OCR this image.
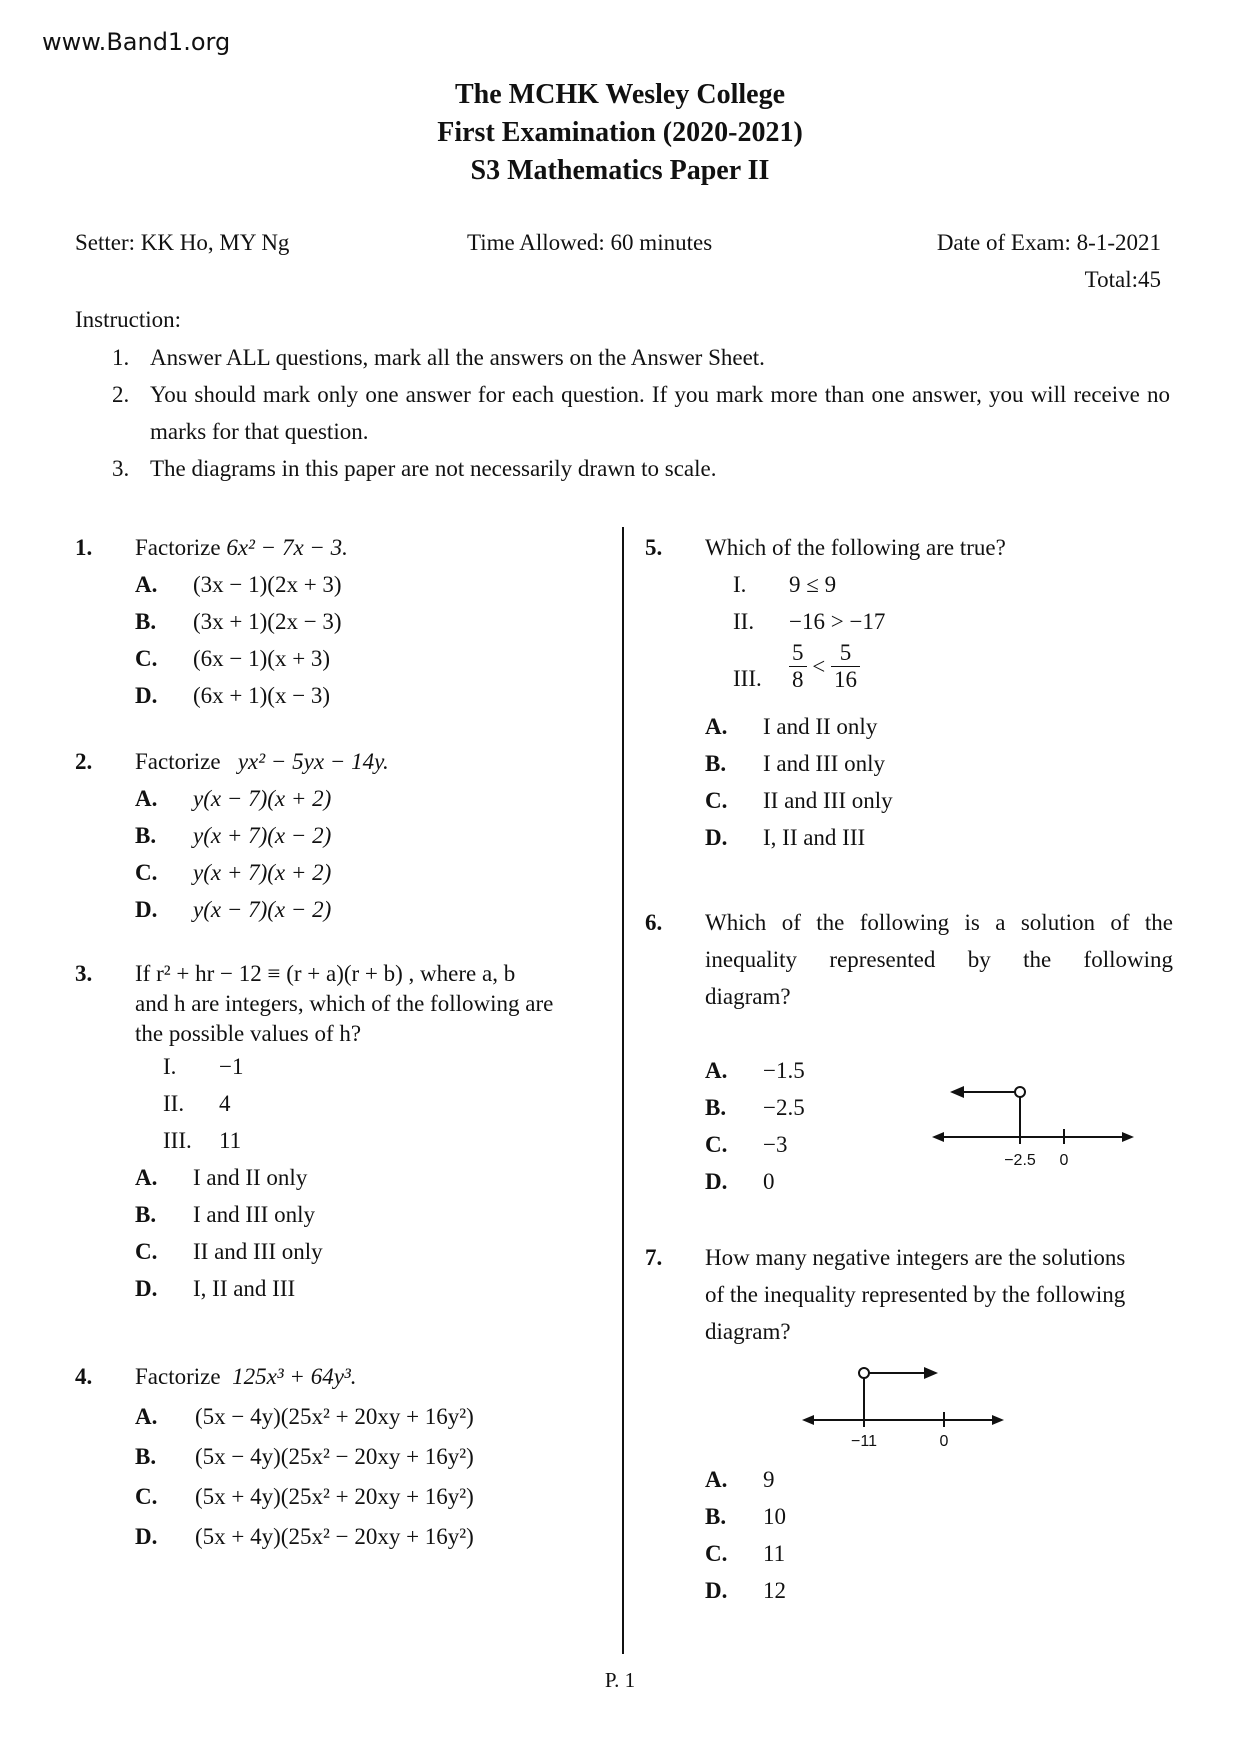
www.Band1.org
The MCHK Wesley College
First Examination (2020-2021)
S3 Mathematics Paper II
Setter: KK Ho, MY Ng	Time Allowed: 60 minutes	Date of Exam: 8-1-2021
Total:45
Instruction:
1. Answer ALL questions, mark all the answers on the Answer Sheet.
2. You should mark only one answer for each question. If you mark more than one answer, you will receive no marks for that question.
3. The diagrams in this paper are not necessarily drawn to scale.
1. Factorize 6x² − 7x − 3.
A. (3x − 1)(2x + 3)
B. (3x + 1)(2x − 3)
C. (6x − 1)(x + 3)
D. (6x + 1)(x − 3)
2. Factorize   yx² − 5yx − 14y.
A. y(x − 7)(x + 2)
B. y(x + 7)(x − 2)
C. y(x + 7)(x + 2)
D. y(x − 7)(x − 2)
3. If r² + hr − 12 ≡ (r + a)(r + b) , where a, b
and h are integers, which of the following are
the possible values of h?
I. −1
II. 4
III. 11
A. I and II only
B. I and III only
C. II and III only
D. I, II and III
4. Factorize  125x³ + 64y³.
A. (5x − 4y)(25x² + 20xy + 16y²)
B. (5x − 4y)(25x² − 20xy + 16y²)
C. (5x + 4y)(25x² + 20xy + 16y²)
D. (5x + 4y)(25x² − 20xy + 16y²)
5. Which of the following are true?
I. 9 ≤ 9
II. −16 > −17
III. $\frac{5}{8} < \frac{5}{16}$
A. I and II only
B. I and III only
C. II and III only
D. I, II and III
6. Which of the following is a solution of the
inequality represented by the following
diagram?
A. −1.5
B. −2.5
C. −3
D. 0
−2.5 0
7. How many negative integers are the solutions
of the inequality represented by the following
diagram?
A. 9
B. 10
C. 11
D. 12
−11	0
P. 1
